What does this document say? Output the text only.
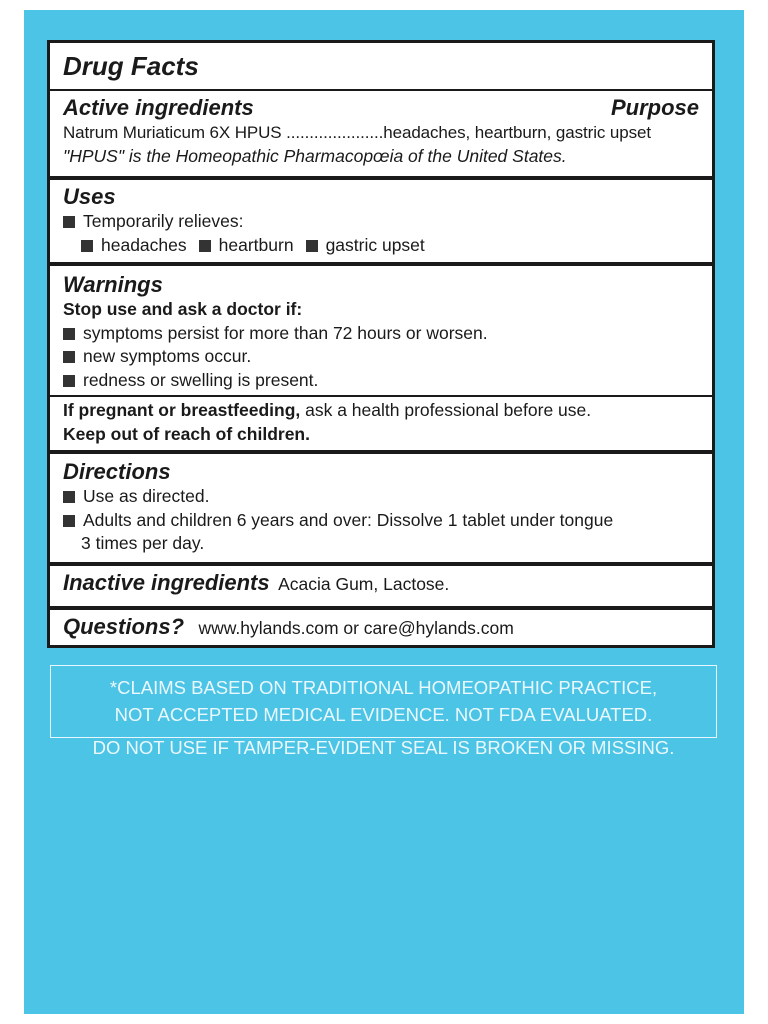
Drug Facts
Active ingredients	Purpose
Natrum Muriaticum 6X HPUS .....................headaches, heartburn, gastric upset
"HPUS" is the Homeopathic Pharmacopœia of the United States.
Uses
Temporarily relieves:
headaches heartburn gastric upset
Warnings
Stop use and ask a doctor if:
symptoms persist for more than 72 hours or worsen.
new symptoms occur.
redness or swelling is present.
If pregnant or breastfeeding, ask a health professional before use.
Keep out of reach of children.
Directions
Use as directed.
Adults and children 6 years and over: Dissolve 1 tablet under tongue
3 times per day.
Inactive ingredients Acacia Gum, Lactose.
Questions? www.hylands.com or care@hylands.com
*CLAIMS BASED ON TRADITIONAL HOMEOPATHIC PRACTICE,
NOT ACCEPTED MEDICAL EVIDENCE. NOT FDA EVALUATED.
DO NOT USE IF TAMPER-EVIDENT SEAL IS BROKEN OR MISSING.
